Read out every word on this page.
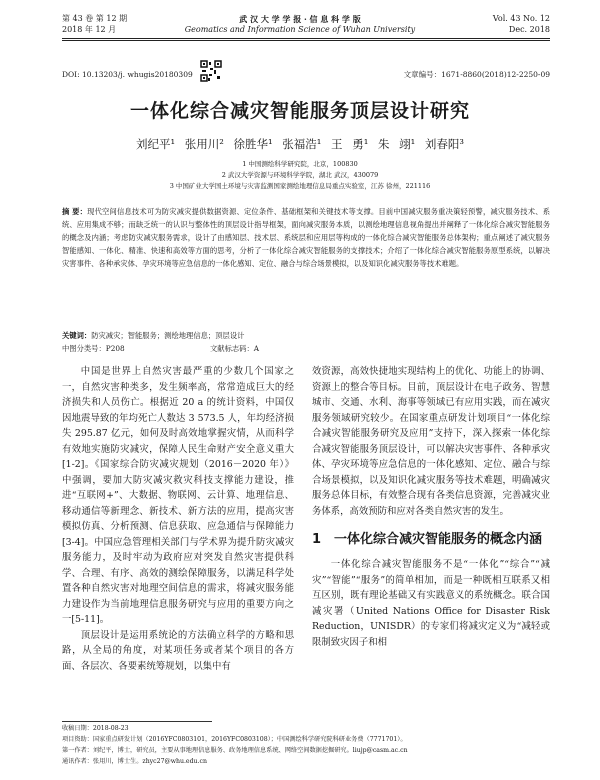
第 43 卷 第 12 期
2018 年 12 月
武 汉 大 学 学 报 · 信 息 科 学 版
Geomatics and Information Science of Wuhan University
Vol. 43 No. 12
Dec. 2018
DOI: 10.13203/j. whugis20180309	文章编号：1671-8860(2018)12-2250-09
一体化综合减灾智能服务顶层设计研究
刘纪平¹ 张用川² 徐胜华¹ 张福浩¹ 王 勇¹ 朱 翊¹ 刘春阳³
1 中国测绘科学研究院，北京，100830
2 武汉大学资源与环境科学学院，湖北 武汉，430079
3 中国矿业大学国土环境与灾害监测国家测绘地理信息局重点实验室，江苏 徐州，221116
摘 要：现代空间信息技术可为防灾减灾提供数据资源、定位条件、基础框架和关键技术等支撑。目前中国减灾服务重决策轻预警，减灾服务技术、系统、应用集成不够；而缺乏统一的认识与整体性的顶层设计指导框架，面向减灾服务本质，以测绘地理信息视角提出并阐释了一体化综合减灾智能服务的概念及内涵；考虑防灾减灾服务需求，设计了由感知层、技术层、系统层和应用层等构成的一体化综合减灾智能服务总体架构；重点阐述了减灾服务智能感知、一体化、精准、快速和高效等方面的思考，分析了一体化综合减灾智能服务的支撑技术；介绍了一体化综合减灾智能服务原型系统，以解决灾害事件、各种承灾体、孕灾环境等应急信息的一体化感知、定位、融合与综合场景模拟，以及知识化减灾服务等技术难题。
关键词：防灾减灾；智能服务；测绘地理信息；顶层设计
中图分类号：P208	文献标志码：A

中国是世界上自然灾害最严重的少数几个国家之一，自然灾害种类多，发生频率高，常常造成巨大的经济损失和人员伤亡。根据近 20 a 的统计资料，中国仅因地震导致的年均死亡人数达 3 573.5 人，年均经济损失 295.87 亿元，如何及时高效地掌握灾情，从而科学有效地实施防灾减灾，保障人民生命财产安全意义重大[1-2]。《国家综合防灾减灾规划（2016－2020 年）》中强调，要加大防灾减灾救灾科技支撑能力建设，推进“互联网+”、大数据、物联网、云计算、地理信息、移动通信等新理念、新技术、新方法的应用，提高灾害模拟仿真、分析预测、信息获取、应急通信与保障能力[3-4]。中国应急管理相关部门与学术界为提升防灾减灾服务能力，及时牢动为政府应对突发自然灾害提供科学、合理、有序、高效的测绘保障服务，以满足科学处置各种自然灾害对地理空间信息的需求，将减灾服务能力建设作为当前地理信息服务研究与应用的重要方向之一[5-11]。

顶层设计是运用系统论的方法确立科学的方略和思路，从全局的角度，对某项任务或者某个项目的各方面、各层次、各要素统筹规划，以集中有

效资源，高效快捷地实现结构上的优化、功能上的协调、资源上的整合等目标。目前，顶层设计在电子政务、智慧城市、交通、水利、海事等领域已有应用实践，而在减灾服务领域研究较少。在国家重点研发计划项目“一体化综合减灾智能服务研究及应用”支持下，深入探索一体化综合减灾智能服务顶层设计，可以解决灾害事件、各种承灾体、孕灾环境等应急信息的一体化感知、定位、融合与综合场景模拟，以及知识化减灾服务等技术难题，明确减灾服务总体目标，有效整合现有各类信息资源，完善减灾业务体系，高效预防和应对各类自然灾害的发生。

1 一体化综合减灾智能服务的概念内涵

一体化综合减灾智能服务不是“一体化”“综合”“减灾”“智能”“服务”的简单相加，而是一种既相互联系又相互区别，既有理论基础又有实践意义的系统概念。联合国减灾署（United Nations Office for Disaster Risk Reduction，UNISDR）的专家们将减灾定义为“减轻或限制致灾因子和相

收稿日期：2018-08-23
项目资助：国家重点研发计划（2016YFC0803101，2016YFC0803108）；中国测绘科学研究院科研业务费（7771701）。
第一作者：刘纪平，博士，研究员，主要从事地理信息服务、政务地理信息系统、网络空间数据挖掘研究。liujp@casm.ac.cn
通讯作者：张用川，博士生。zhyc27@whu.edu.cn
